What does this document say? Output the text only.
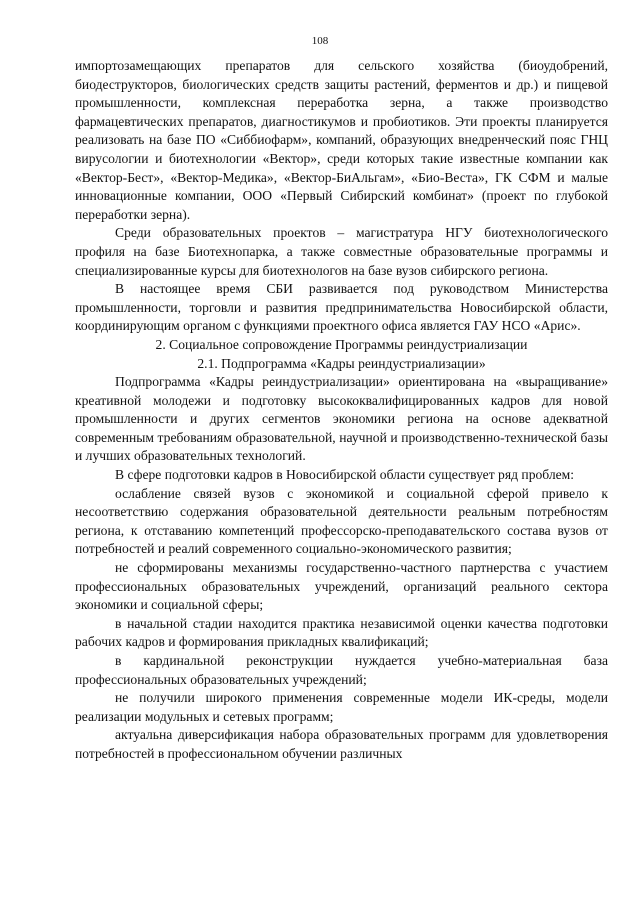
108

импортозамещающих препаратов для сельского хозяйства (биоудобрений, биодеструкторов, биологических средств защиты растений, ферментов и др.) и пищевой промышленности, комплексная переработка зерна, а также производство фармацевтических препаратов, диагностикумов и пробиотиков. Эти проекты планируется реализовать на базе ПО «Сиббиофарм», компаний, образующих внедренческий пояс ГНЦ вирусологии и биотехнологии «Вектор», среди которых такие известные компании как «Вектор-Бест», «Вектор-Медика», «Вектор-БиАльгам», «Био-Веста», ГК СФМ и малые инновационные компании, ООО «Первый Сибирский комбинат» (проект по глубокой переработки зерна).

Среди образовательных проектов – магистратура НГУ биотехнологического профиля на базе Биотехнопарка, а также совместные образовательные программы и специализированные курсы для биотехнологов на базе вузов сибирского региона.

В настоящее время СБИ развивается под руководством Министерства промышленности, торговли и развития предпринимательства Новосибирской области, координирующим органом с функциями проектного офиса является ГАУ НСО «Арис».

2. Социальное сопровождение Программы реиндустриализации

2.1. Подпрограмма «Кадры реиндустриализации»

Подпрограмма «Кадры реиндустриализации» ориентирована на «выращивание» креативной молодежи и подготовку высококвалифицированных кадров для новой промышленности и других сегментов экономики региона на основе адекватной современным требованиям образовательной, научной и производственно-технической базы и лучших образовательных технологий.

В сфере подготовки кадров в Новосибирской области существует ряд проблем:

ослабление связей вузов с экономикой и социальной сферой привело к несоответствию содержания образовательной деятельности реальным потребностям региона, к отставанию компетенций профессорско-преподавательского состава вузов от потребностей и реалий современного социально-экономического развития;

не сформированы механизмы государственно-частного партнерства с участием профессиональных образовательных учреждений, организаций реального сектора экономики и социальной сферы;

в начальной стадии находится практика независимой оценки качества подготовки рабочих кадров и формирования прикладных квалификаций;

в кардинальной реконструкции нуждается учебно-материальная база профессиональных образовательных учреждений;

не получили широкого применения современные модели ИК-среды, модели реализации модульных и сетевых программ;

актуальна диверсификация набора образовательных программ для удовлетворения потребностей в профессиональном обучении различных
